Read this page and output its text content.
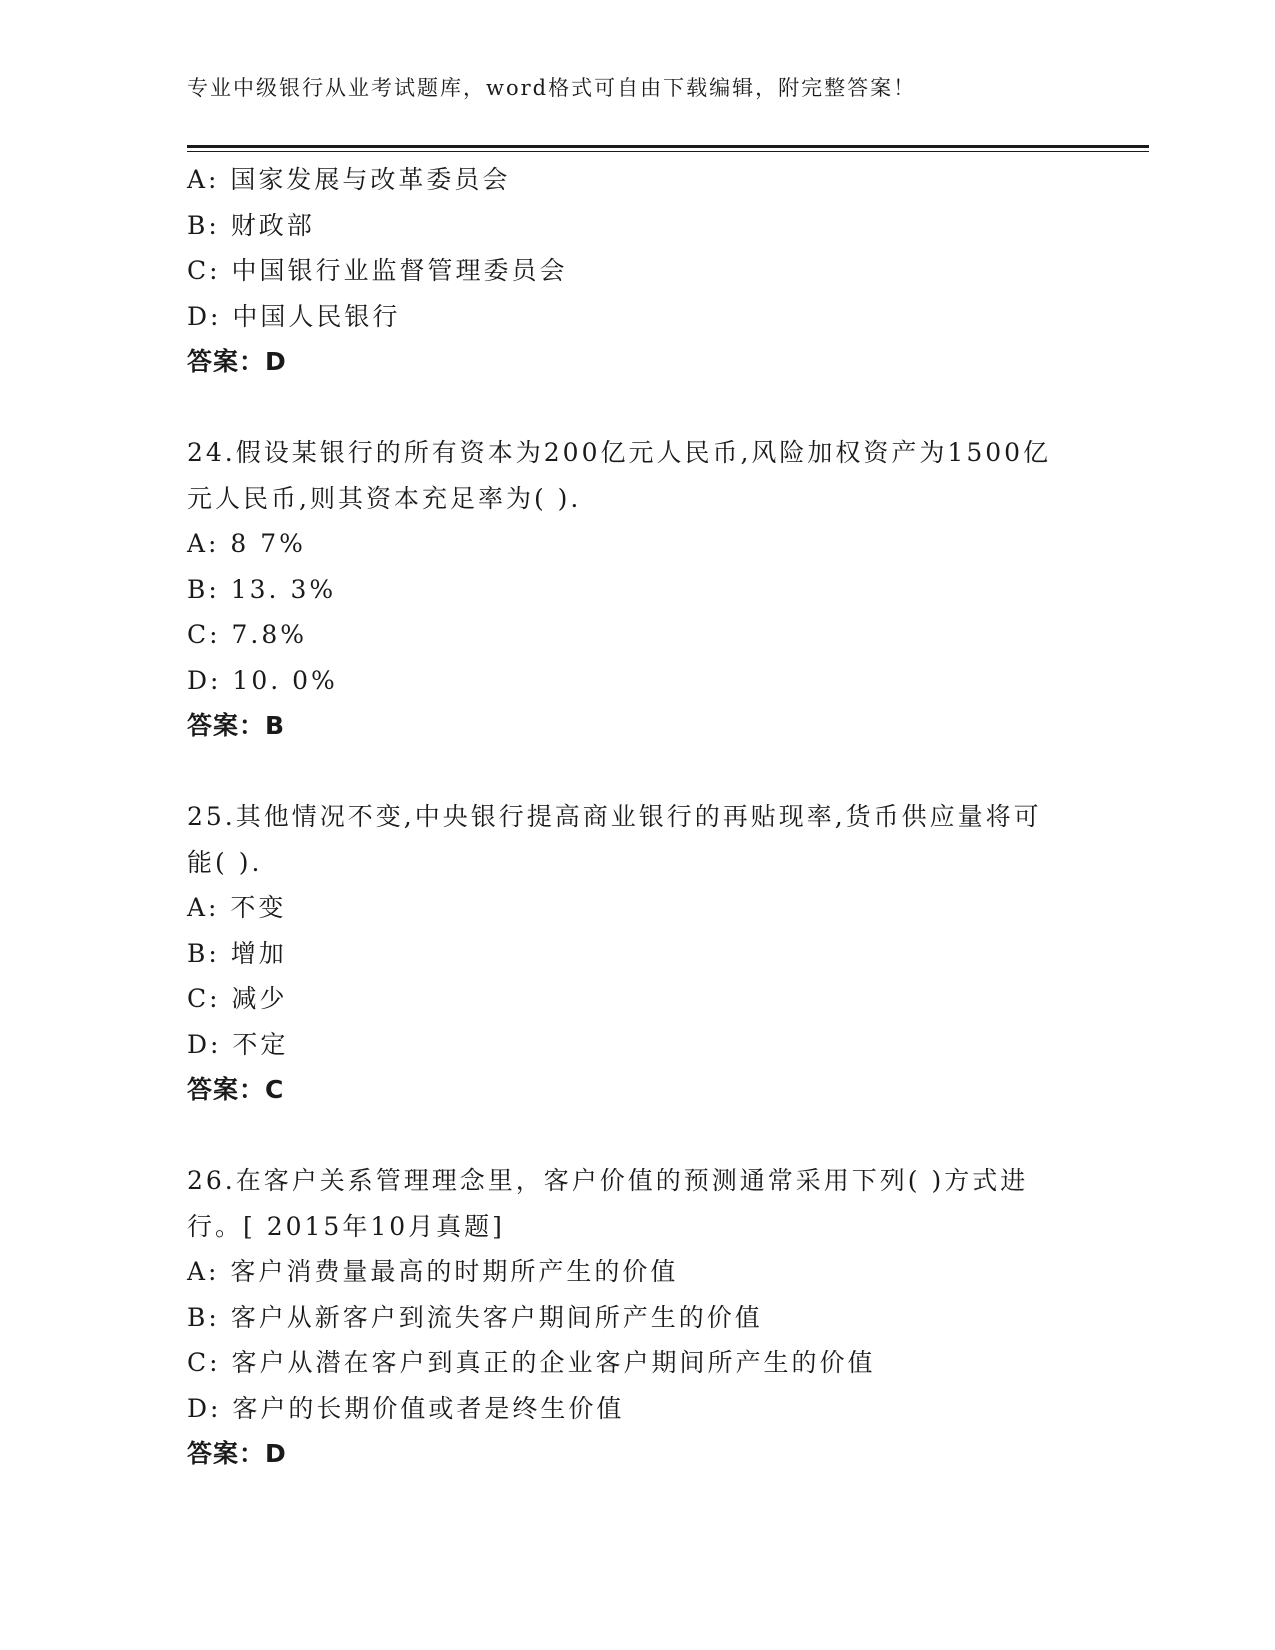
专业中级银行从业考试题库，word格式可自由下载编辑，附完整答案！
A: 国家发展与改革委员会
B: 财政部
C: 中国银行业监督管理委员会
D: 中国人民银行
答案：D
24.假设某银行的所有资本为200亿元人民币,风险加权资产为1500亿
元人民币,则其资本充足率为( ).
A: 8 7%
B: 13. 3%
C: 7.8%
D: 10. 0%
答案：B
25.其他情况不变,中央银行提高商业银行的再贴现率,货币供应量将可
能( ).
A: 不变
B: 增加
C: 减少
D: 不定
答案：C
26.在客户关系管理理念里，客户价值的预测通常采用下列( )方式进
行。[ 2015年10月真题]
A: 客户消费量最高的时期所产生的价值
B: 客户从新客户到流失客户期间所产生的价值
C: 客户从潜在客户到真正的企业客户期间所产生的价值
D: 客户的长期价值或者是终生价值
答案：D
